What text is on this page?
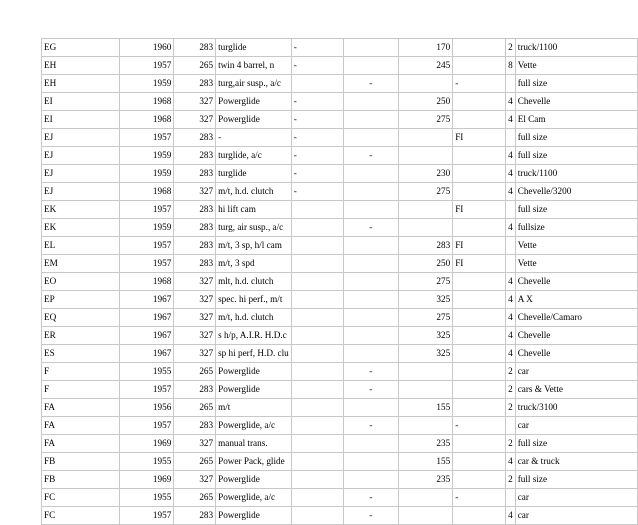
EG	1960	283	turglide	-		170		2	truck/1100
EH	1957	265	twin 4 barrel, n	-		245		8	Vette
EH	1959	283	turg,air susp., a/c		-		-		full size
EI	1968	327	Powerglide	-		250		4	Chevelle
EI	1968	327	Powerglide	-		275		4	El Cam
EJ	1957	283	-	-			FI		full size
EJ	1959	283	turglide, a/c	-	-			4	full size
EJ	1959	283	turglide	-		230		4	truck/1100
EJ	1968	327	m/t, h.d. clutch	-		275		4	Chevelle/3200
EK	1957	283	hi lift cam				FI		full size
EK	1959	283	turg, air susp., a/c		-			4	fullsize
EL	1957	283	m/t, 3 sp, h/l cam			283	FI		Vette
EM	1957	283	m/t, 3 spd			250	FI		Vette
EO	1968	327	mlt, h.d. clutch			275		4	Chevelle
EP	1967	327	spec. hi perf., m/t			325		4	A X
EQ	1967	327	m/t, h.d. clutch			275		4	Chevelle/Camaro
ER	1967	327	s h/p, A.I.R. H.D.c			325		4	Chevelle
ES	1967	327	sp hi perf, H.D. clu			325		4	Chevelle
F	1955	265	Powerglide		-			2	car
F	1957	283	Powerglide		-			2	cars & Vette
FA	1956	265	m/t			155		2	truck/3100
FA	1957	283	Powerglide, a/c		-		-		car
FA	1969	327	manual trans.			235		2	full size
FB	1955	265	Power Pack, glide			155		4	car & truck
FB	1969	327	Powerglide			235		2	full size
FC	1955	265	Powerglide, a/c		-		-		car
FC	1957	283	Powerglide		-			4	car
